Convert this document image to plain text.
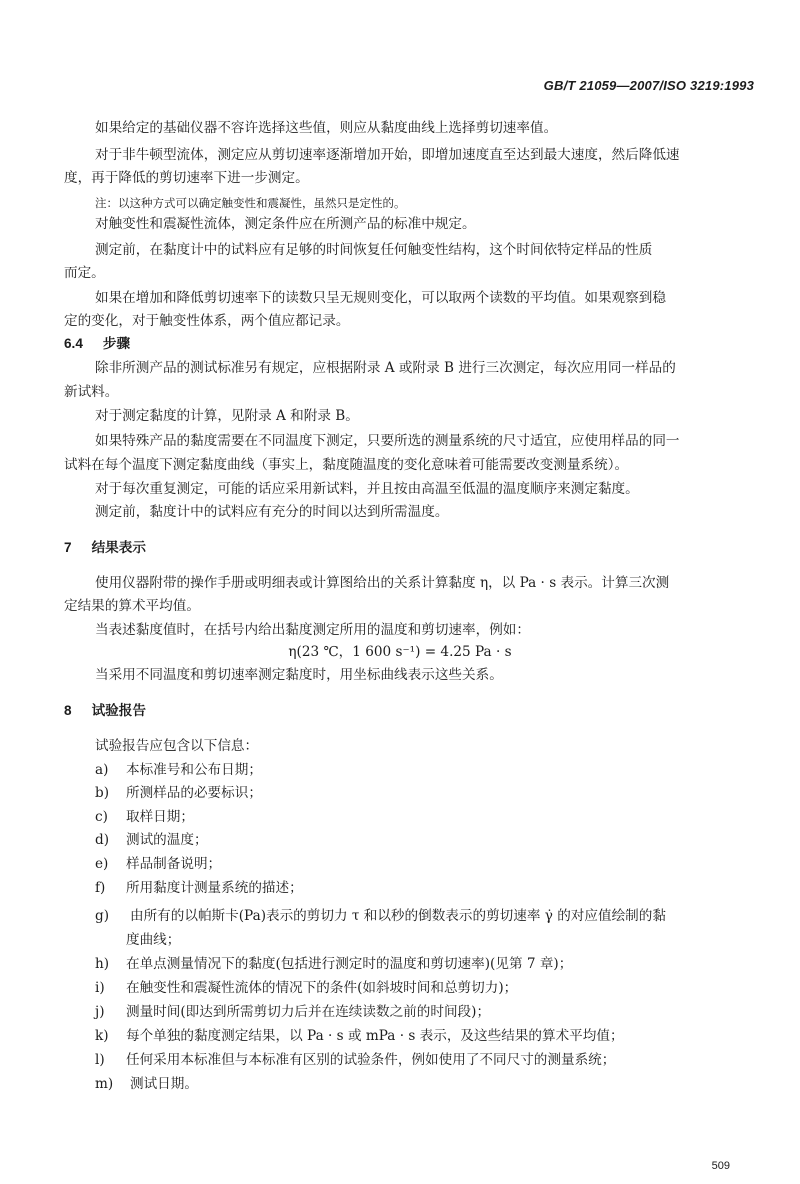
GB/T 21059—2007/ISO 3219:1993
如果给定的基础仪器不容许选择这些值，则应从黏度曲线上选择剪切速率值。
对于非牛顿型流体，测定应从剪切速率逐渐增加开始，即增加速度直至达到最大速度，然后降低速
度，再于降低的剪切速率下进一步测定。
注：以这种方式可以确定触变性和震凝性，虽然只是定性的。
对触变性和震凝性流体，测定条件应在所测产品的标准中规定。
测定前，在黏度计中的试料应有足够的时间恢复任何触变性结构，这个时间依特定样品的性质
而定。
如果在增加和降低剪切速率下的读数只呈无规则变化，可以取两个读数的平均值。如果观察到稳
定的变化，对于触变性体系，两个值应都记录。
6.4 步骤
除非所测产品的测试标准另有规定，应根据附录 A 或附录 B 进行三次测定，每次应用同一样品的
新试料。
对于测定黏度的计算，见附录 A 和附录 B。
如果特殊产品的黏度需要在不同温度下测定，只要所选的测量系统的尺寸适宜，应使用样品的同一
试料在每个温度下测定黏度曲线（事实上，黏度随温度的变化意味着可能需要改变测量系统）。
对于每次重复测定，可能的话应采用新试料，并且按由高温至低温的温度顺序来测定黏度。
测定前，黏度计中的试料应有充分的时间以达到所需温度。
7 结果表示
使用仪器附带的操作手册或明细表或计算图给出的关系计算黏度 η，以 Pa · s 表示。计算三次测
定结果的算术平均值。
当表述黏度值时，在括号内给出黏度测定所用的温度和剪切速率，例如：
η(23 ℃，1 600 s⁻¹) = 4.25 Pa · s
当采用不同温度和剪切速率测定黏度时，用坐标曲线表示这些关系。
8 试验报告
试验报告应包含以下信息：
a) 本标准号和公布日期；
b) 所测样品的必要标识；
c) 取样日期；
d) 测试的温度；
e) 样品制备说明；
f) 所用黏度计测量系统的描述；
g) 由所有的以帕斯卡(Pa)表示的剪切力 τ 和以秒的倒数表示的剪切速率 γ̇ 的对应值绘制的黏
度曲线；
h) 在单点测量情况下的黏度(包括进行测定时的温度和剪切速率)(见第 7 章)；
i) 在触变性和震凝性流体的情况下的条件(如斜坡时间和总剪切力)；
j) 测量时间(即达到所需剪切力后并在连续读数之前的时间段)；
k) 每个单独的黏度测定结果，以 Pa · s 或 mPa · s 表示，及这些结果的算术平均值；
l) 任何采用本标准但与本标准有区别的试验条件，例如使用了不同尺寸的测量系统；
m) 测试日期。
509
